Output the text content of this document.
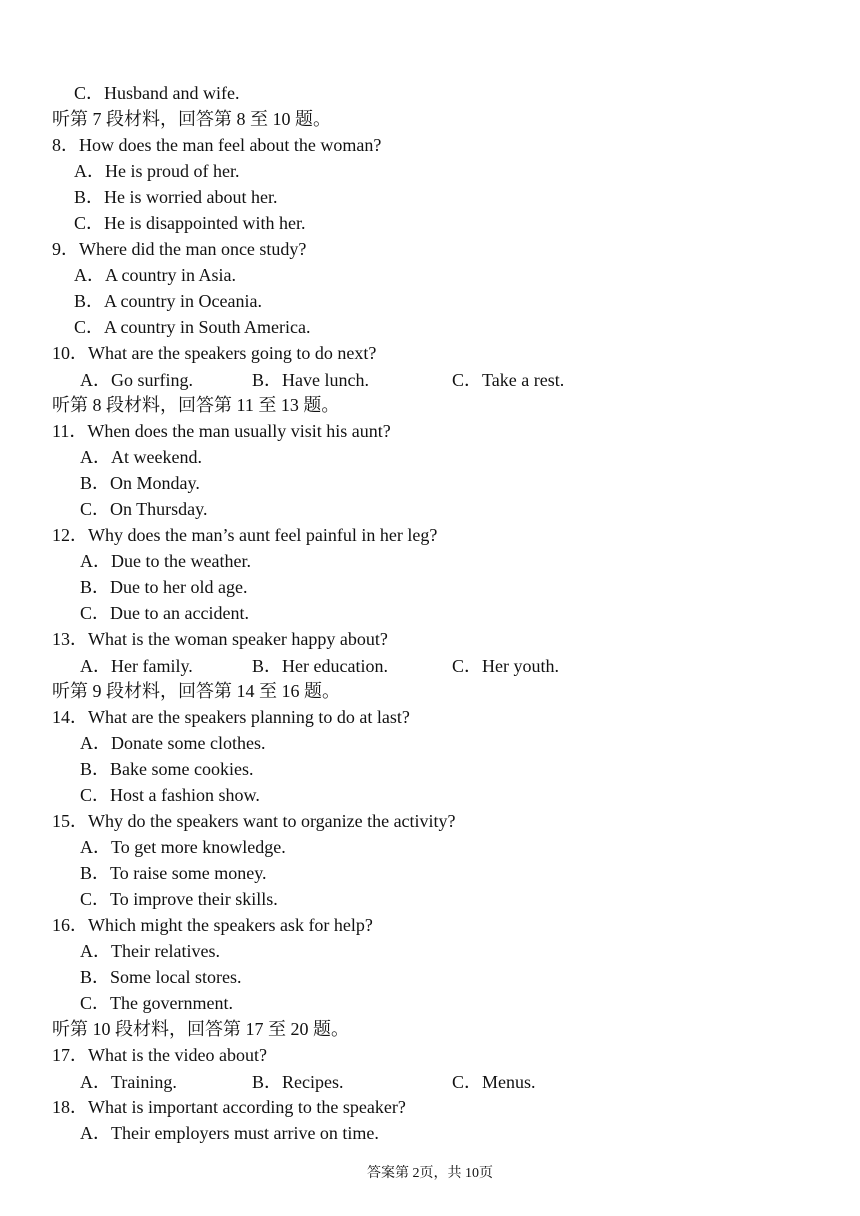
C．Husband and wife.
听第 7 段材料，回答第 8 至 10 题。
8．How does the man feel about the woman?
A．He is proud of her.
B．He is worried about her.
C．He is disappointed with her.
9．Where did the man once study?
A．A country in Asia.
B．A country in Oceania.
C．A country in South America.
10．What are the speakers going to do next?
A．Go surfing.	B．Have lunch.	C．Take a rest.
听第 8 段材料，回答第 11 至 13 题。
11．When does the man usually visit his aunt?
A．At weekend.
B．On Monday.
C．On Thursday.
12．Why does the man’s aunt feel painful in her leg?
A．Due to the weather.
B．Due to her old age.
C．Due to an accident.
13．What is the woman speaker happy about?
A．Her family.	B．Her education.	C．Her youth.
听第 9 段材料，回答第 14 至 16 题。
14．What are the speakers planning to do at last?
A．Donate some clothes.
B．Bake some cookies.
C．Host a fashion show.
15．Why do the speakers want to organize the activity?
A．To get more knowledge.
B．To raise some money.
C．To improve their skills.
16．Which might the speakers ask for help?
A．Their relatives.
B．Some local stores.
C．The government.
听第 10 段材料，回答第 17 至 20 题。
17．What is the video about?
A．Training.	B．Recipes.	C．Menus.
18．What is important according to the speaker?
A．Their employers must arrive on time.
答案第 2页，共 10页
